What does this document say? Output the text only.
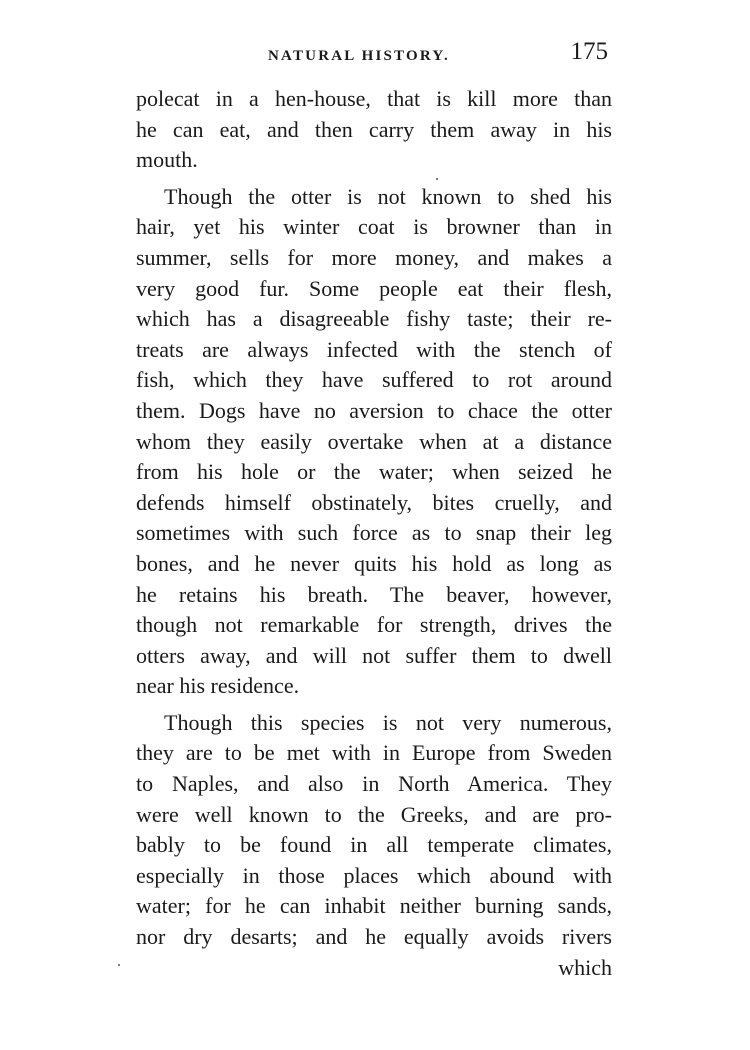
NATURAL HISTORY.	175
polecat in a hen-house, that is kill more than
he can eat, and then carry them away in his
mouth.
Though the otter is not known to shed his
hair, yet his winter coat is browner than in
summer, sells for more money, and makes a
very good fur. Some people eat their flesh,
which has a disagreeable fishy taste; their re-
treats are always infected with the stench of
fish, which they have suffered to rot around
them. Dogs have no aversion to chace the otter
whom they easily overtake when at a distance
from his hole or the water; when seized he
defends himself obstinately, bites cruelly, and
sometimes with such force as to snap their leg
bones, and he never quits his hold as long as
he retains his breath. The beaver, however,
though not remarkable for strength, drives the
otters away, and will not suffer them to dwell
near his residence.
Though this species is not very numerous,
they are to be met with in Europe from Sweden
to Naples, and also in North America. They
were well known to the Greeks, and are pro-
bably to be found in all temperate climates,
especially in those places which abound with
water; for he can inhabit neither burning sands,
nor dry desarts; and he equally avoids rivers
which
